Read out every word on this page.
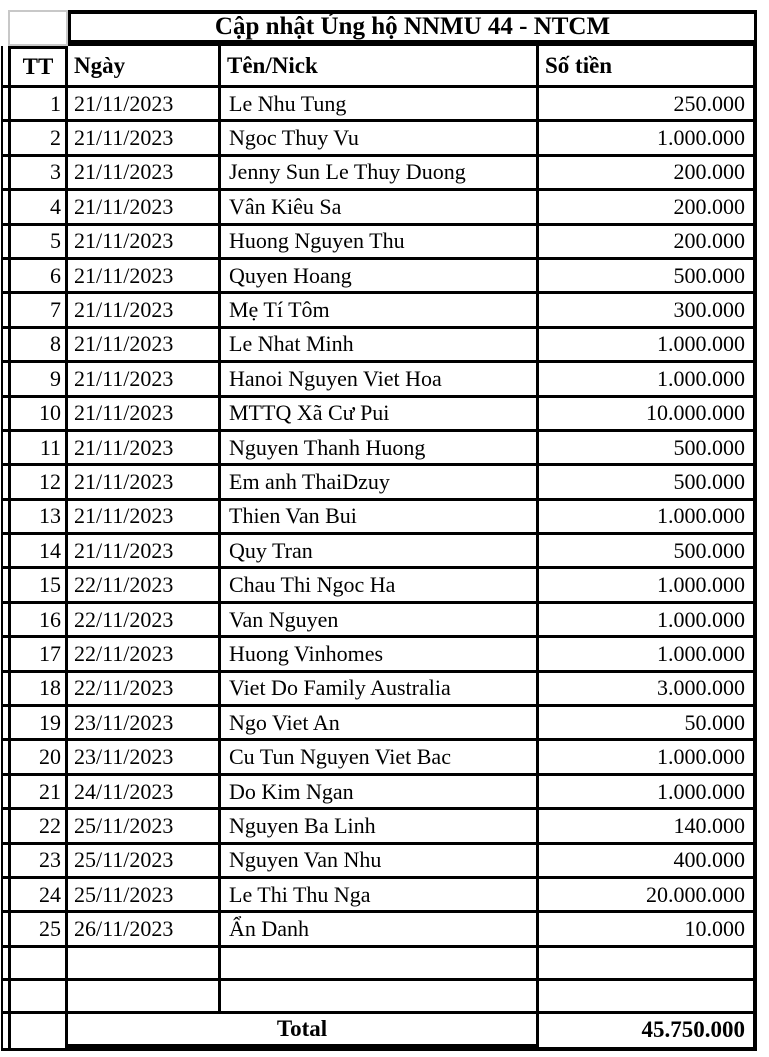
Cập nhật Ủng hộ NNMU 44 - NTCM
TT Ngày	Tên/Nick	Số tiền
1 21/11/2023	Le Nhu Tung	250.000
2 21/11/2023	Ngoc Thuy Vu	1.000.000
3 21/11/2023	Jenny Sun Le Thuy Duong	200.000
4 21/11/2023	Vân Kiêu Sa	200.000
5 21/11/2023	Huong Nguyen Thu	200.000
6 21/11/2023	Quyen Hoang	500.000
7 21/11/2023	Mẹ Tí Tôm	300.000
8 21/11/2023	Le Nhat Minh	1.000.000
9 21/11/2023	Hanoi Nguyen Viet Hoa	1.000.000
10 21/11/2023	MTTQ Xã Cư Pui	10.000.000
11 21/11/2023	Nguyen Thanh Huong	500.000
12 21/11/2023	Em anh ThaiDzuy	500.000
13 21/11/2023	Thien Van Bui	1.000.000
14 21/11/2023	Quy Tran	500.000
15 22/11/2023	Chau Thi Ngoc Ha	1.000.000
16 22/11/2023	Van Nguyen	1.000.000
17 22/11/2023	Huong Vinhomes	1.000.000
18 22/11/2023	Viet Do Family Australia	3.000.000
19 23/11/2023	Ngo Viet An	50.000
20 23/11/2023	Cu Tun Nguyen Viet Bac	1.000.000
21 24/11/2023	Do Kim Ngan	1.000.000
22 25/11/2023	Nguyen Ba Linh	140.000
23 25/11/2023	Nguyen Van Nhu	400.000
24 25/11/2023	Le Thi Thu Nga	20.000.000
25 26/11/2023	Ẩn Danh	10.000
Total	45.750.000
